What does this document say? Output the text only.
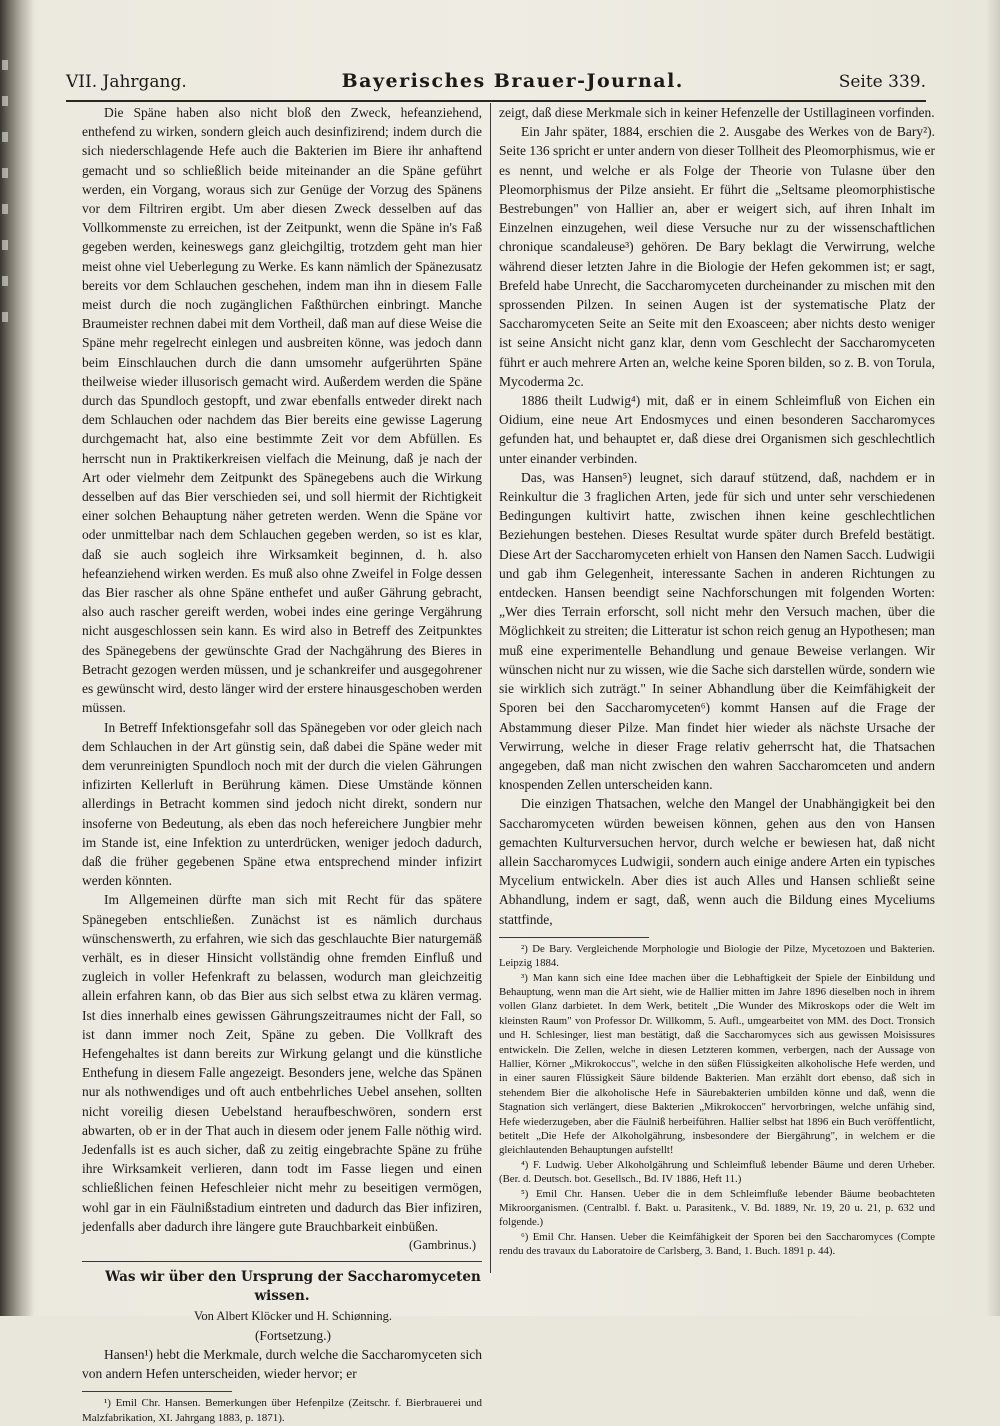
VII. Jahrgang.	Bayerisches Brauer-Journal.	Seite 339.

Die Späne haben also nicht bloß den Zweck, hefeanziehend, enthefend zu wirken, sondern gleich auch desinfizirend; indem durch die sich niederschlagende Hefe auch die Bakterien im Biere ihr anhaftend gemacht und so schließlich beide miteinander an die Späne geführt werden, ein Vorgang, woraus sich zur Genüge der Vorzug des Spänens vor dem Filtriren ergibt. Um aber diesen Zweck desselben auf das Vollkommenste zu erreichen, ist der Zeitpunkt, wenn die Späne in's Faß gegeben werden, keineswegs ganz gleichgiltig, trotzdem geht man hier meist ohne viel Ueberlegung zu Werke. Es kann nämlich der Spänezusatz bereits vor dem Schlauchen geschehen, indem man ihn in diesem Falle meist durch die noch zugänglichen Faßthürchen einbringt. Manche Braumeister rechnen dabei mit dem Vortheil, daß man auf diese Weise die Späne mehr regelrecht einlegen und ausbreiten könne, was jedoch dann beim Einschlauchen durch die dann umsomehr aufgerührten Späne theilweise wieder illusorisch gemacht wird. Außerdem werden die Späne durch das Spundloch gestopft, und zwar ebenfalls entweder direkt nach dem Schlauchen oder nachdem das Bier bereits eine gewisse Lagerung durchgemacht hat, also eine bestimmte Zeit vor dem Abfüllen. Es herrscht nun in Praktikerkreisen vielfach die Meinung, daß je nach der Art oder vielmehr dem Zeitpunkt des Spänegebens auch die Wirkung desselben auf das Bier verschieden sei, und soll hiermit der Richtigkeit einer solchen Behauptung näher getreten werden. Wenn die Späne vor oder unmittelbar nach dem Schlauchen gegeben werden, so ist es klar, daß sie auch sogleich ihre Wirksamkeit beginnen, d. h. also hefeanziehend wirken werden. Es muß also ohne Zweifel in Folge dessen das Bier rascher als ohne Späne enthefet und außer Gährung gebracht, also auch rascher gereift werden, wobei indes eine geringe Vergährung nicht ausgeschlossen sein kann. Es wird also in Betreff des Zeitpunktes des Spänegebens der gewünschte Grad der Nachgährung des Bieres in Betracht gezogen werden müssen, und je schankreifer und ausgegohrener es gewünscht wird, desto länger wird der erstere hinausgeschoben werden müssen.

In Betreff Infektionsgefahr soll das Spänegeben vor oder gleich nach dem Schlauchen in der Art günstig sein, daß dabei die Späne weder mit dem verunreinigten Spundloch noch mit der durch die vielen Gährungen infizirten Kellerluft in Berührung kämen. Diese Umstände können allerdings in Betracht kommen sind jedoch nicht direkt, sondern nur insoferne von Bedeutung, als eben das noch hefereichere Jungbier mehr im Stande ist, eine Infektion zu unterdrücken, weniger jedoch dadurch, daß die früher gegebenen Späne etwa entsprechend minder infizirt werden könnten.

Im Allgemeinen dürfte man sich mit Recht für das spätere Spänegeben entschließen. Zunächst ist es nämlich durchaus wünschenswerth, zu erfahren, wie sich das geschlauchte Bier naturgemäß verhält, es in dieser Hinsicht vollständig ohne fremden Einfluß und zugleich in voller Hefenkraft zu belassen, wodurch man gleichzeitig allein erfahren kann, ob das Bier aus sich selbst etwa zu klären vermag. Ist dies innerhalb eines gewissen Gährungszeitraumes nicht der Fall, so ist dann immer noch Zeit, Späne zu geben. Die Vollkraft des Hefengehaltes ist dann bereits zur Wirkung gelangt und die künstliche Enthefung in diesem Falle angezeigt. Besonders jene, welche das Spänen nur als nothwendiges und oft auch entbehrliches Uebel ansehen, sollten nicht voreilig diesen Uebelstand heraufbeschwören, sondern erst abwarten, ob er in der That auch in diesem oder jenem Falle nöthig wird. Jedenfalls ist es auch sicher, daß zu zeitig eingebrachte Späne zu frühe ihre Wirksamkeit verlieren, dann todt im Fasse liegen und einen schließlichen feinen Hefeschleier nicht mehr zu beseitigen vermögen, wohl gar in ein Fäulnißstadium eintreten und dadurch das Bier infiziren, jedenfalls aber dadurch ihre längere gute Brauchbarkeit einbüßen.

(Gambrinus.)

Was wir über den Ursprung der Saccharomyceten wissen.

Von Albert Klöcker und H. Schiønning.

(Fortsetzung.)

Hansen¹) hebt die Merkmale, durch welche die Saccharomyceten sich von andern Hefen unterscheiden, wieder hervor; er

¹) Emil Chr. Hansen. Bemerkungen über Hefenpilze (Zeitschr. f. Bierbrauerei und Malzfabrikation, XI. Jahrgang 1883, p. 1871).

zeigt, daß diese Merkmale sich in keiner Hefenzelle der Ustillagineen vorfinden.

Ein Jahr später, 1884, erschien die 2. Ausgabe des Werkes von de Bary²). Seite 136 spricht er unter andern von dieser Tollheit des Pleomorphismus, wie er es nennt, und welche er als Folge der Theorie von Tulasne über den Pleomorphismus der Pilze ansieht. Er führt die „Seltsame pleomorphistische Bestrebungen" von Hallier an, aber er weigert sich, auf ihren Inhalt im Einzelnen einzugehen, weil diese Versuche nur zu der wissenschaftlichen chronique scandaleuse³) gehören. De Bary beklagt die Verwirrung, welche während dieser letzten Jahre in die Biologie der Hefen gekommen ist; er sagt, Brefeld habe Unrecht, die Saccharomyceten durcheinander zu mischen mit den sprossenden Pilzen. In seinen Augen ist der systematische Platz der Saccharomyceten Seite an Seite mit den Exoasceen; aber nichts desto weniger ist seine Ansicht nicht ganz klar, denn vom Geschlecht der Saccharomyceten führt er auch mehrere Arten an, welche keine Sporen bilden, so z. B. von Torula, Mycoderma 2c.

1886 theilt Ludwig⁴) mit, daß er in einem Schleimfluß von Eichen ein Oidium, eine neue Art Endosmyces und einen besonderen Saccharomyces gefunden hat, und behauptet er, daß diese drei Organismen sich geschlechtlich unter einander verbinden.

Das, was Hansen⁵) leugnet, sich darauf stützend, daß, nachdem er in Reinkultur die 3 fraglichen Arten, jede für sich und unter sehr verschiedenen Bedingungen kultivirt hatte, zwischen ihnen keine geschlechtlichen Beziehungen bestehen. Dieses Resultat wurde später durch Brefeld bestätigt. Diese Art der Saccharomyceten erhielt von Hansen den Namen Sacch. Ludwigii und gab ihm Gelegenheit, interessante Sachen in anderen Richtungen zu entdecken. Hansen beendigt seine Nachforschungen mit folgenden Worten: „Wer dies Terrain erforscht, soll nicht mehr den Versuch machen, über die Möglichkeit zu streiten; die Litteratur ist schon reich genug an Hypothesen; man muß eine experimentelle Behandlung und genaue Beweise verlangen. Wir wünschen nicht nur zu wissen, wie die Sache sich darstellen würde, sondern wie sie wirklich sich zuträgt." In seiner Abhandlung über die Keimfähigkeit der Sporen bei den Saccharomyceten⁶) kommt Hansen auf die Frage der Abstammung dieser Pilze. Man findet hier wieder als nächste Ursache der Verwirrung, welche in dieser Frage relativ geherrscht hat, die Thatsachen angegeben, daß man nicht zwischen den wahren Saccharomceten und andern knospenden Zellen unterscheiden kann.

Die einzigen Thatsachen, welche den Mangel der Unabhängigkeit bei den Saccharomyceten würden beweisen können, gehen aus den von Hansen gemachten Kulturversuchen hervor, durch welche er bewiesen hat, daß nicht allein Saccharomyces Ludwigii, sondern auch einige andere Arten ein typisches Mycelium entwickeln. Aber dies ist auch Alles und Hansen schließt seine Abhandlung, indem er sagt, daß, wenn auch die Bildung eines Myceliums stattfinde,

²) De Bary. Vergleichende Morphologie und Biologie der Pilze, Mycetozoen und Bakterien. Leipzig 1884.

³) Man kann sich eine Idee machen über die Lebhaftigkeit der Spiele der Einbildung und Behauptung, wenn man die Art sieht, wie de Hallier mitten im Jahre 1896 dieselben noch in ihrem vollen Glanz darbietet. In dem Werk, betitelt „Die Wunder des Mikroskops oder die Welt im kleinsten Raum" von Professor Dr. Willkomm, 5. Aufl., umgearbeitet von MM. des Doct. Tronsich und H. Schlesinger, liest man bestätigt, daß die Saccharomyces sich aus gewissen Moisissures entwickeln. Die Zellen, welche in diesen Letzteren kommen, verbergen, nach der Aussage von Hallier, Körner „Mikrokoccus", welche in den süßen Flüssigkeiten alkoholische Hefe werden, und in einer sauren Flüssigkeit Säure bildende Bakterien. Man erzählt dort ebenso, daß sich in stehendem Bier die alkoholische Hefe in Säurebakterien umbilden könne und daß, wenn die Stagnation sich verlängert, diese Bakterien „Mikrokoccen" hervorbringen, welche unfähig sind, Hefe wiederzugeben, aber die Fäulniß herbeiführen. Hallier selbst hat 1896 ein Buch veröffentlicht, betitelt „Die Hefe der Alkoholgährung, insbesondere der Biergährung", in welchem er die gleichlautenden Behauptungen aufstellt!

⁴) F. Ludwig. Ueber Alkoholgährung und Schleimfluß lebender Bäume und deren Urheber. (Ber. d. Deutsch. bot. Gesellsch., Bd. IV 1886, Heft 11.)

⁵) Emil Chr. Hansen. Ueber die in dem Schleimfluße lebender Bäume beobachteten Mikroorganismen. (Centralbl. f. Bakt. u. Parasitenk., V. Bd. 1889, Nr. 19, 20 u. 21, p. 632 und folgende.)

⁶) Emil Chr. Hansen. Ueber die Keimfähigkeit der Sporen bei den Saccharomyces (Compte rendu des travaux du Laboratoire de Carlsberg, 3. Band, 1. Buch. 1891 p. 44).
